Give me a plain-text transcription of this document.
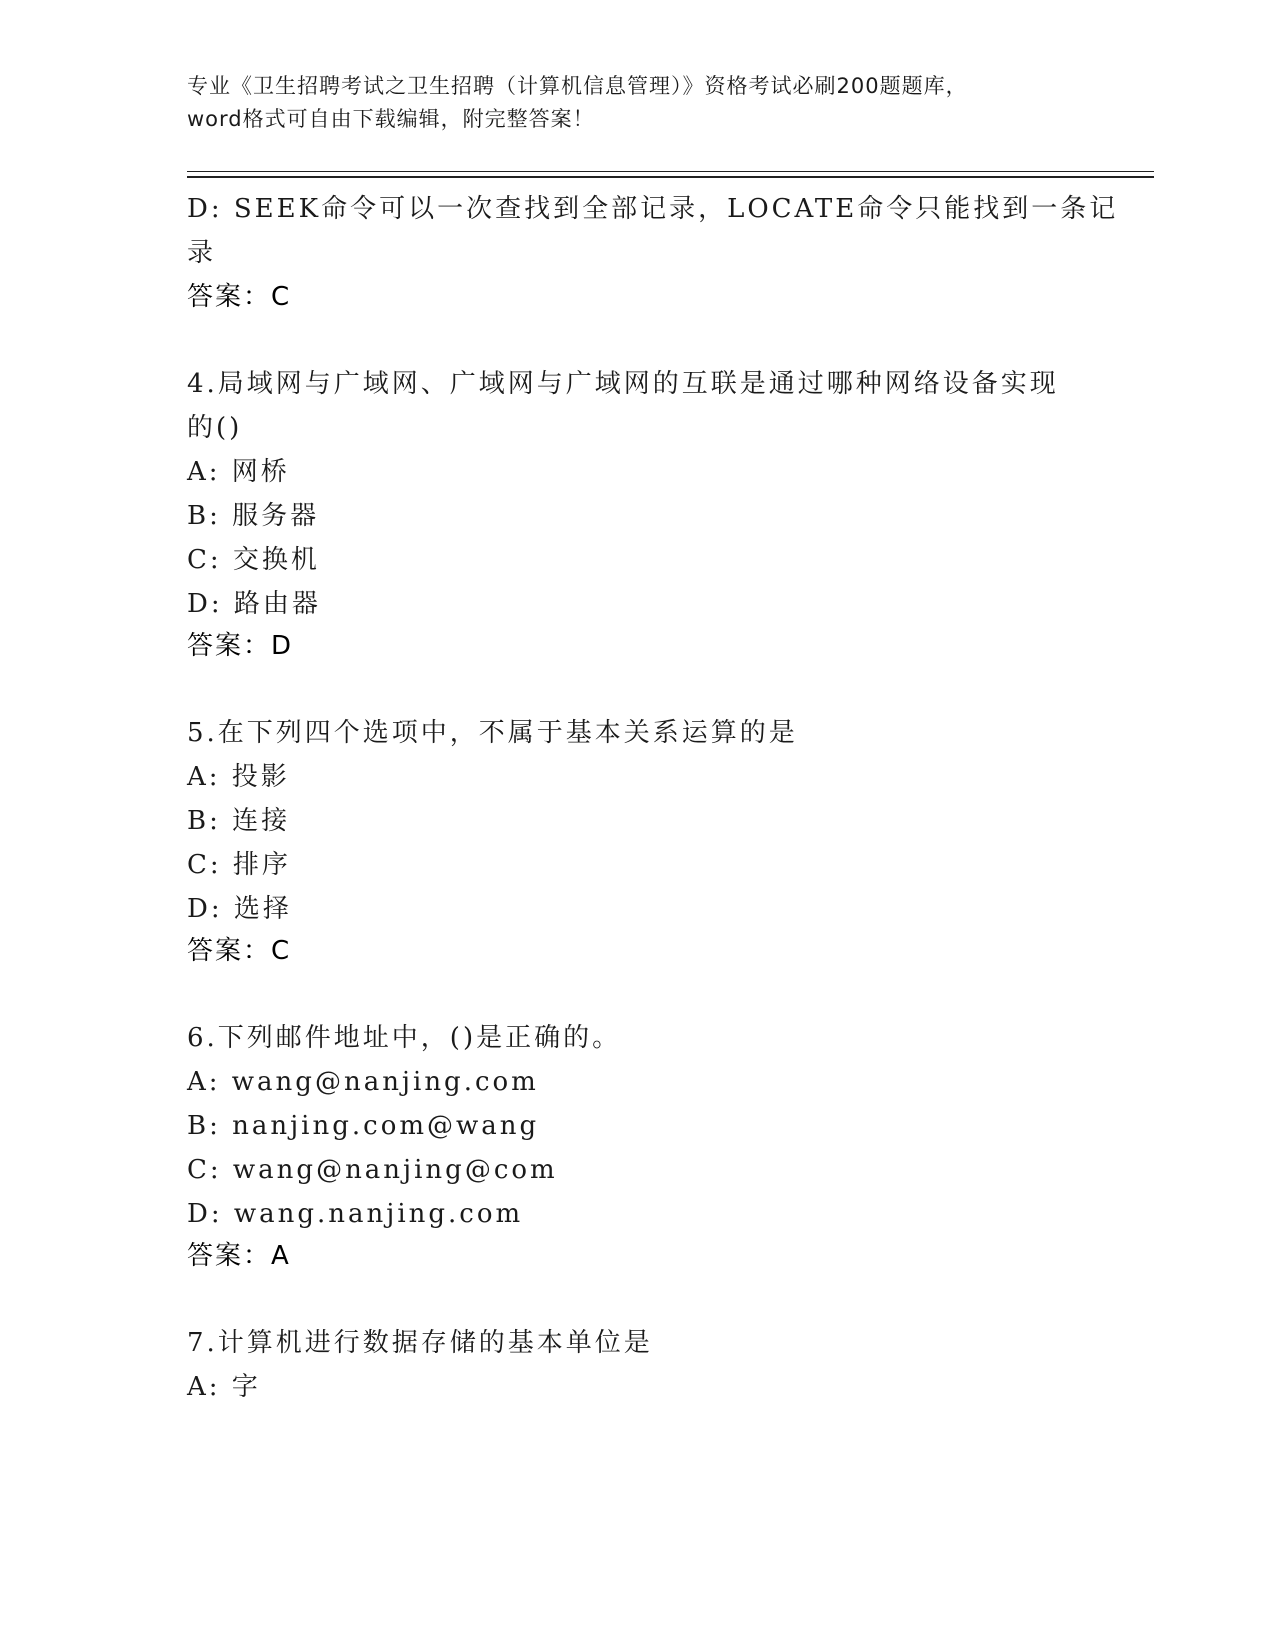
专业《卫生招聘考试之卫生招聘（计算机信息管理）》资格考试必刷200题题库，
word格式可自由下载编辑，附完整答案！
D: SEEK命令可以一次查找到全部记录，LOCATE命令只能找到一条记
录
答案：C
4.局域网与广域网、广域网与广域网的互联是通过哪种网络设备实现
的()
A: 网桥
B: 服务器
C: 交换机
D: 路由器
答案：D
5.在下列四个选项中，不属于基本关系运算的是
A: 投影
B: 连接
C: 排序
D: 选择
答案：C
6.下列邮件地址中，()是正确的。
A: wang@nanjing.com
B: nanjing.com@wang
C: wang@nanjing@com
D: wang.nanjing.com
答案：A
7.计算机进行数据存储的基本单位是
A: 字
